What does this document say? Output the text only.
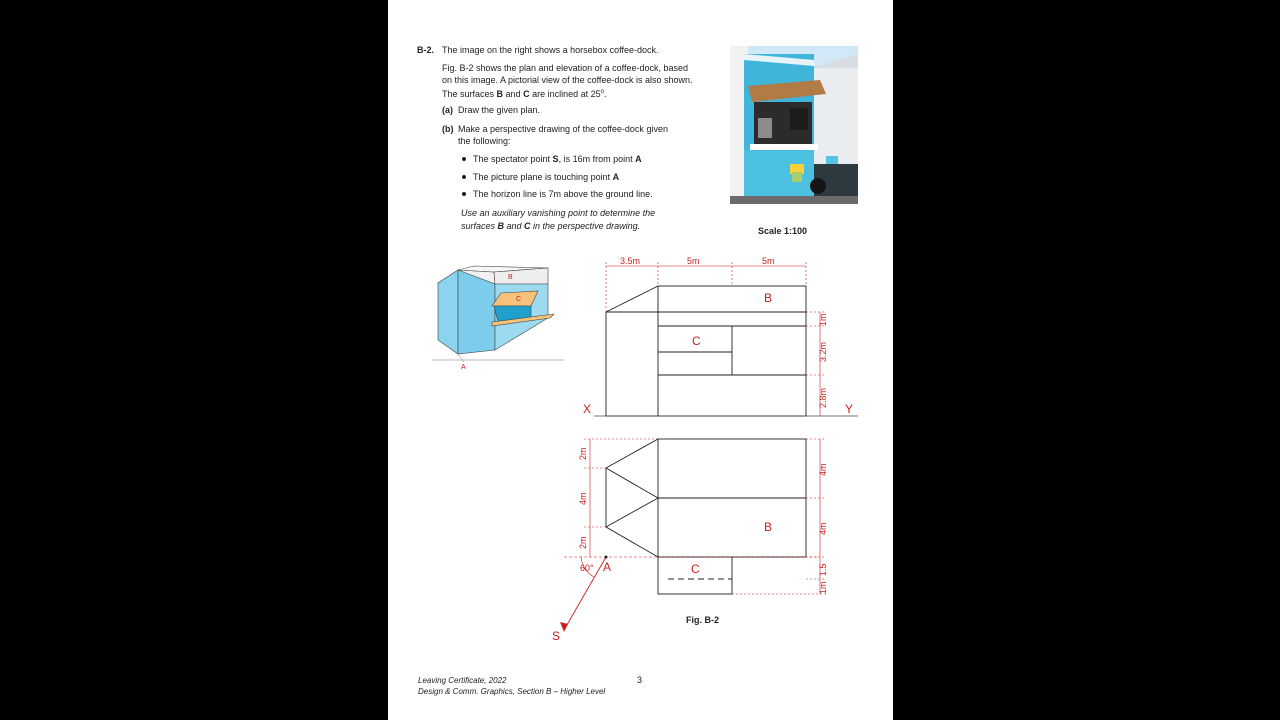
B-2. The image on the right shows a horsebox coffee-dock.
Fig. B-2 shows the plan and elevation of a coffee-dock, based
on this image. A pictorial view of the coffee-dock is also shown.
The surfaces B and C are inclined at 25$^o$.
(a) Draw the given plan.
(b) Make a perspective drawing of the coffee-dock given
the following:
The spectator point S, is 16m from point A
The picture plane is touching point A
The horizon line is 7m above the ground line.
Use an auxiliary vanishing point to determine the
surfaces B and C in the perspective drawing.	Scale 1:100
B
C
A
3.5m	5m	5m
1m
3.2m
2.8m
B
C
X	Y
2m
4m
2m
4m
4m
1.5
1m
B
C
A
60°
S
Fig. B-2
Leaving Certificate, 2022
Design & Comm. Graphics, Section B – Higher Level
3
